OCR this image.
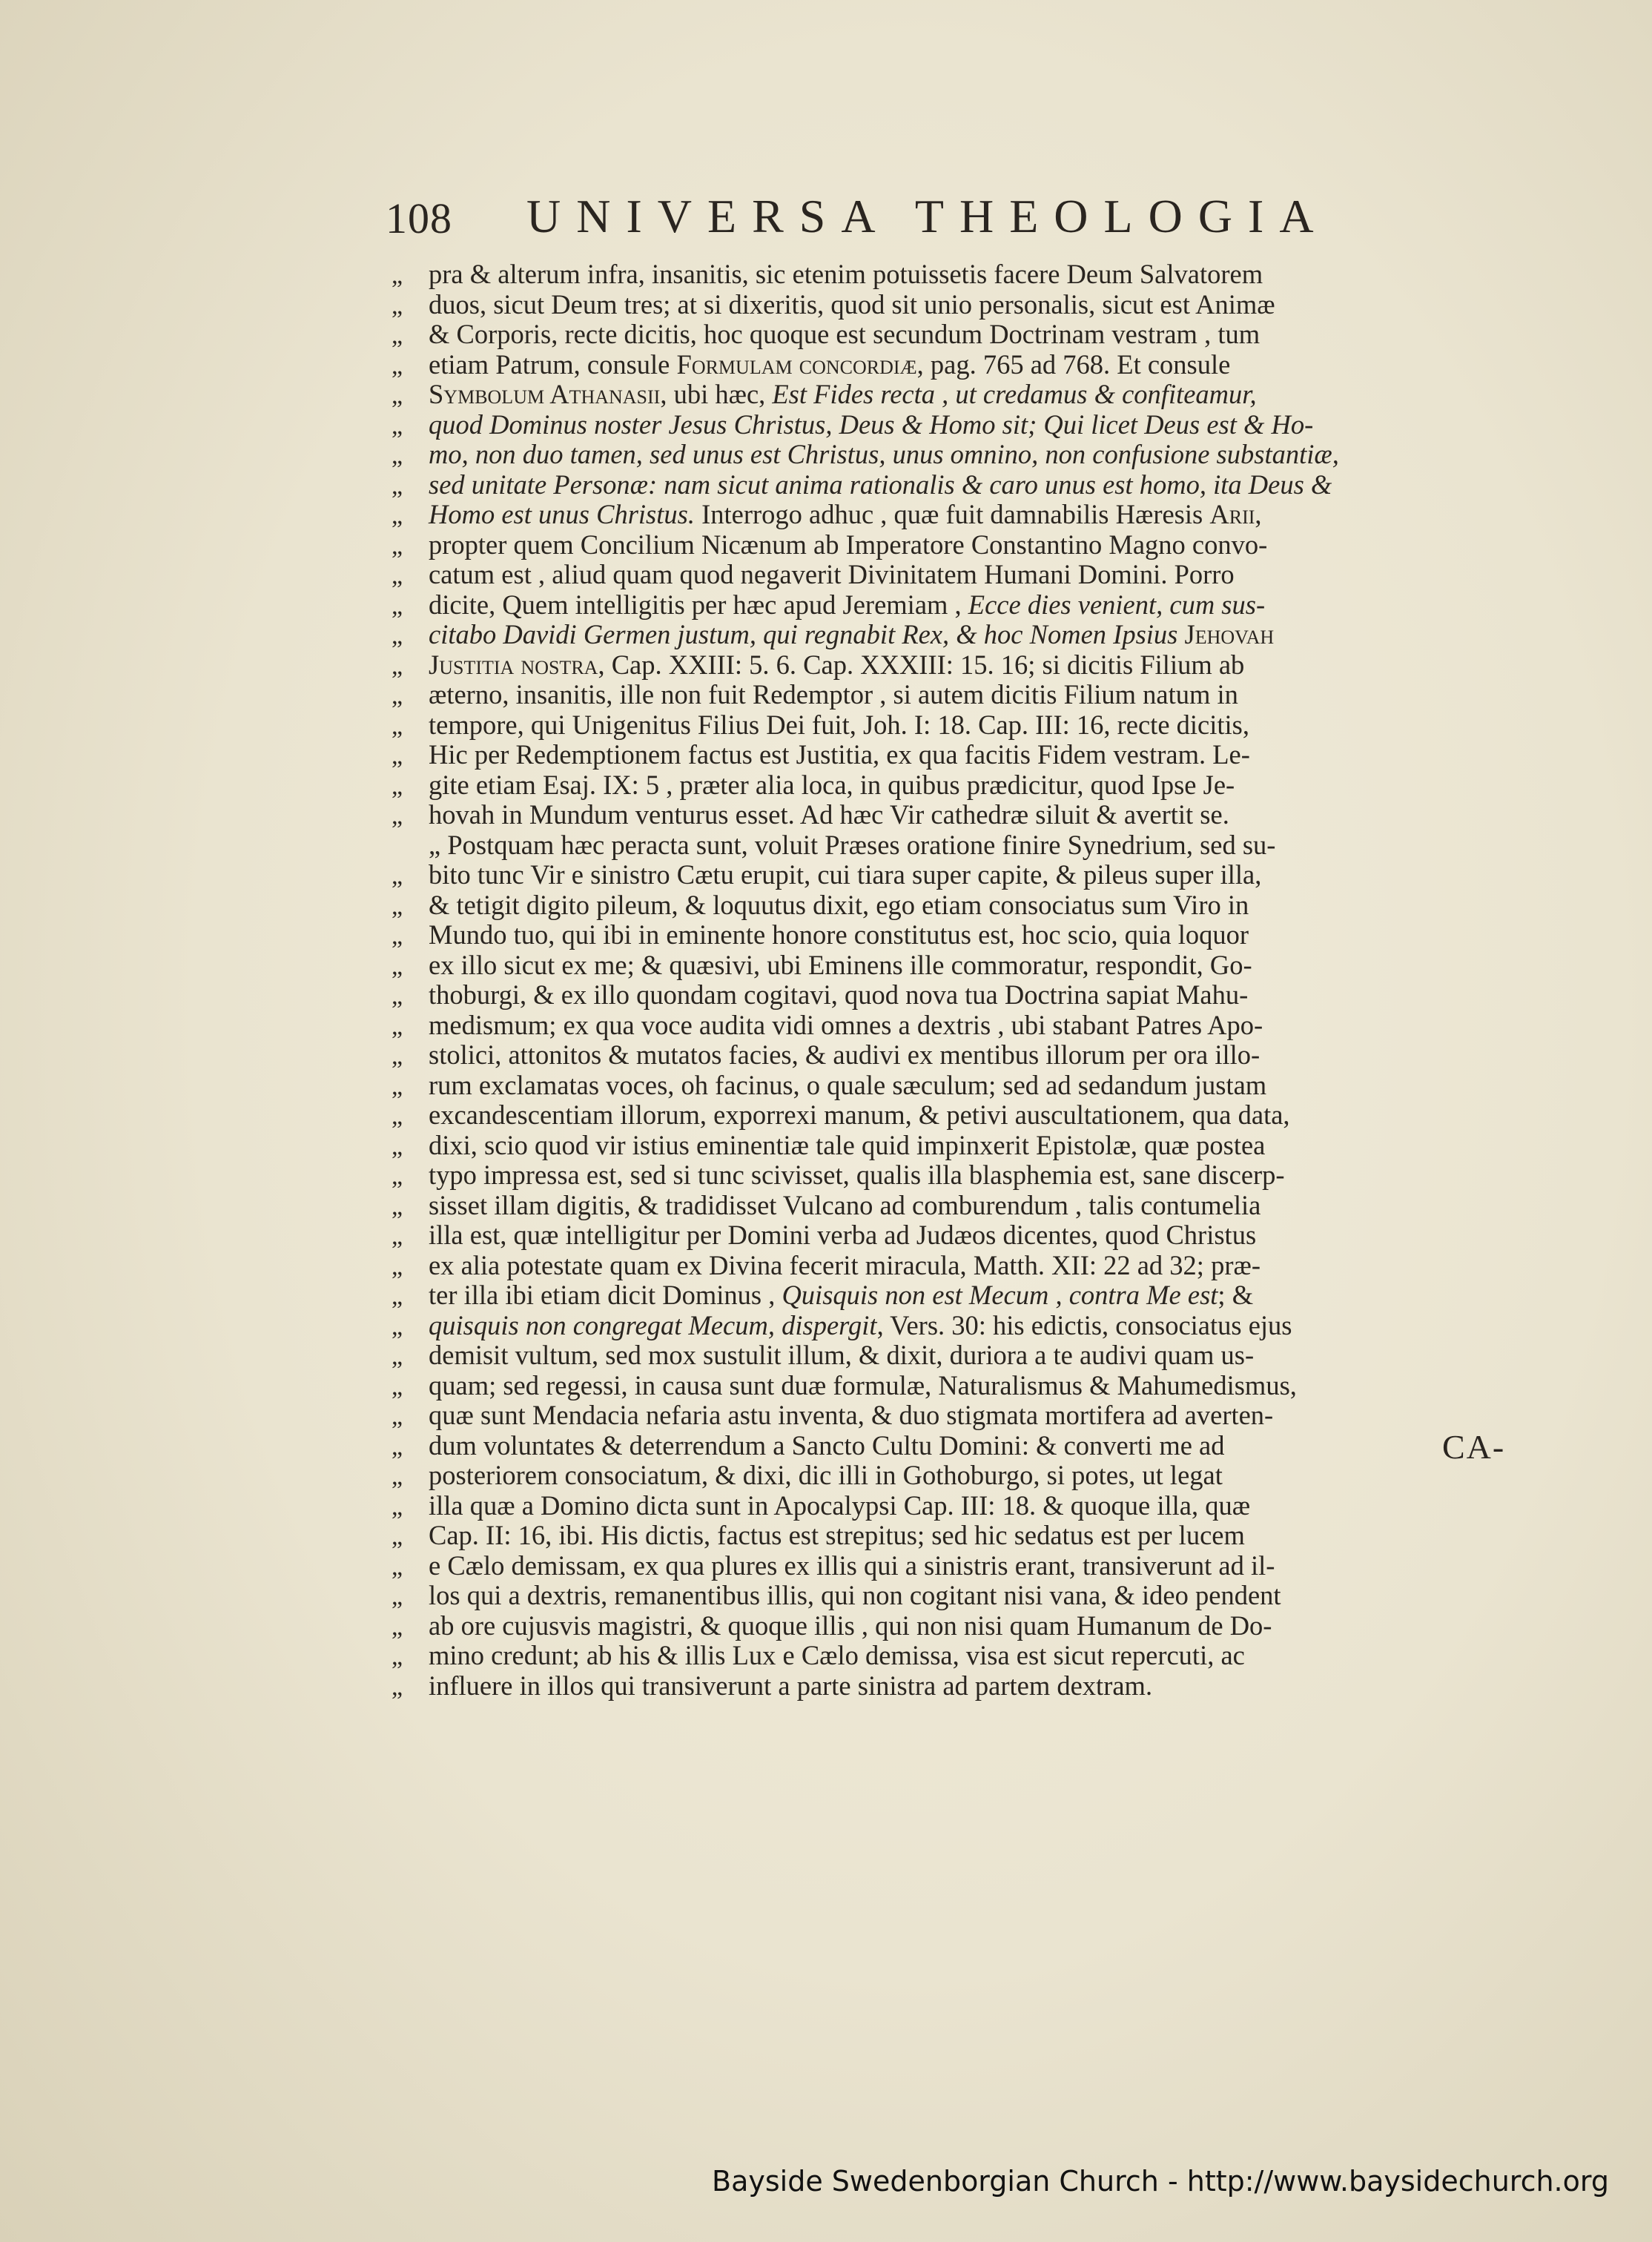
108 UNIVERSA THEOLOGIA
„ pra & alterum infra, insanitis, sic etenim potuissetis facere Deum Salvatorem
„ duos, sicut Deum tres; at si dixeritis, quod sit unio personalis, sicut est Animæ
„ & Corporis, recte dicitis, hoc quoque est secundum Doctrinam vestram , tum
„ etiam Patrum, consule Formulam concordiæ, pag. 765 ad 768. Et consule
„ Symbolum Athanasii, ubi hæc, Est Fides recta , ut credamus & confiteamur,
„ quod Dominus noster Jesus Christus, Deus & Homo sit; Qui licet Deus est & Ho-
„ mo, non duo tamen, sed unus est Christus, unus omnino, non confusione substantiæ,
„ sed unitate Personæ: nam sicut anima rationalis & caro unus est homo, ita Deus &
„ Homo est unus Christus. Interrogo adhuc , quæ fuit damnabilis Hæresis Arii,
„ propter quem Concilium Nicænum ab Imperatore Constantino Magno convo-
„ catum est , aliud quam quod negaverit Divinitatem Humani Domini. Porro
„ dicite, Quem intelligitis per hæc apud Jeremiam , Ecce dies venient, cum sus-
„ citabo Davidi Germen justum, qui regnabit Rex, & hoc Nomen Ipsius Jehovah
„ Justitia nostra, Cap. XXIII: 5. 6. Cap. XXXIII: 15. 16; si dicitis Filium ab
„ æterno, insanitis, ille non fuit Redemptor , si autem dicitis Filium natum in
„ tempore, qui Unigenitus Filius Dei fuit, Joh. I: 18. Cap. III: 16, recte dicitis,
„ Hic per Redemptionem factus est Justitia, ex qua facitis Fidem vestram. Le-
„ gite etiam Esaj. IX: 5 , præter alia loca, in quibus prædicitur, quod Ipse Je-
„ hovah in Mundum venturus esset. Ad hæc Vir cathedræ siluit & avertit se.
„ Postquam hæc peracta sunt, voluit Præses oratione finire Synedrium, sed su-
„ bito tunc Vir e sinistro Cætu erupit, cui tiara super capite, & pileus super illa,
„ & tetigit digito pileum, & loquutus dixit, ego etiam consociatus sum Viro in
„ Mundo tuo, qui ibi in eminente honore constitutus est, hoc scio, quia loquor
„ ex illo sicut ex me; & quæsivi, ubi Eminens ille commoratur, respondit, Go-
„ thoburgi, & ex illo quondam cogitavi, quod nova tua Doctrina sapiat Mahu-
„ medismum; ex qua voce audita vidi omnes a dextris , ubi stabant Patres Apo-
„ stolici, attonitos & mutatos facies, & audivi ex mentibus illorum per ora illo-
„ rum exclamatas voces, oh facinus, o quale sæculum; sed ad sedandum justam
„ excandescentiam illorum, exporrexi manum, & petivi auscultationem, qua data,
„ dixi, scio quod vir istius eminentiæ tale quid impinxerit Epistolæ, quæ postea
„ typo impressa est, sed si tunc scivisset, qualis illa blasphemia est, sane discerp-
„ sisset illam digitis, & tradidisset Vulcano ad comburendum , talis contumelia
„ illa est, quæ intelligitur per Domini verba ad Judæos dicentes, quod Christus
„ ex alia potestate quam ex Divina fecerit miracula, Matth. XII: 22 ad 32; præ-
„ ter illa ibi etiam dicit Dominus , Quisquis non est Mecum , contra Me est; &
„ quisquis non congregat Mecum, dispergit, Vers. 30: his edictis, consociatus ejus
„ demisit vultum, sed mox sustulit illum, & dixit, duriora a te audivi quam us-
„ quam; sed regessi, in causa sunt duæ formulæ, Naturalismus & Mahumedismus,
„ quæ sunt Mendacia nefaria astu inventa, & duo stigmata mortifera ad averten-
„ dum voluntates & deterrendum a Sancto Cultu Domini: & converti me ad
„ posteriorem consociatum, & dixi, dic illi in Gothoburgo, si potes, ut legat
„ illa quæ a Domino dicta sunt in Apocalypsi Cap. III: 18. & quoque illa, quæ
„ Cap. II: 16, ibi. His dictis, factus est strepitus; sed hic sedatus est per lucem
„ e Cælo demissam, ex qua plures ex illis qui a sinistris erant, transiverunt ad il-
„ los qui a dextris, remanentibus illis, qui non cogitant nisi vana, & ideo pendent
„ ab ore cujusvis magistri, & quoque illis , qui non nisi quam Humanum de Do-
„ mino credunt; ab his & illis Lux e Cælo demissa, visa est sicut repercuti, ac
„ influere in illos qui transiverunt a parte sinistra ad partem dextram.
CA-
Bayside Swedenborgian Church - http://www.baysidechurch.org
